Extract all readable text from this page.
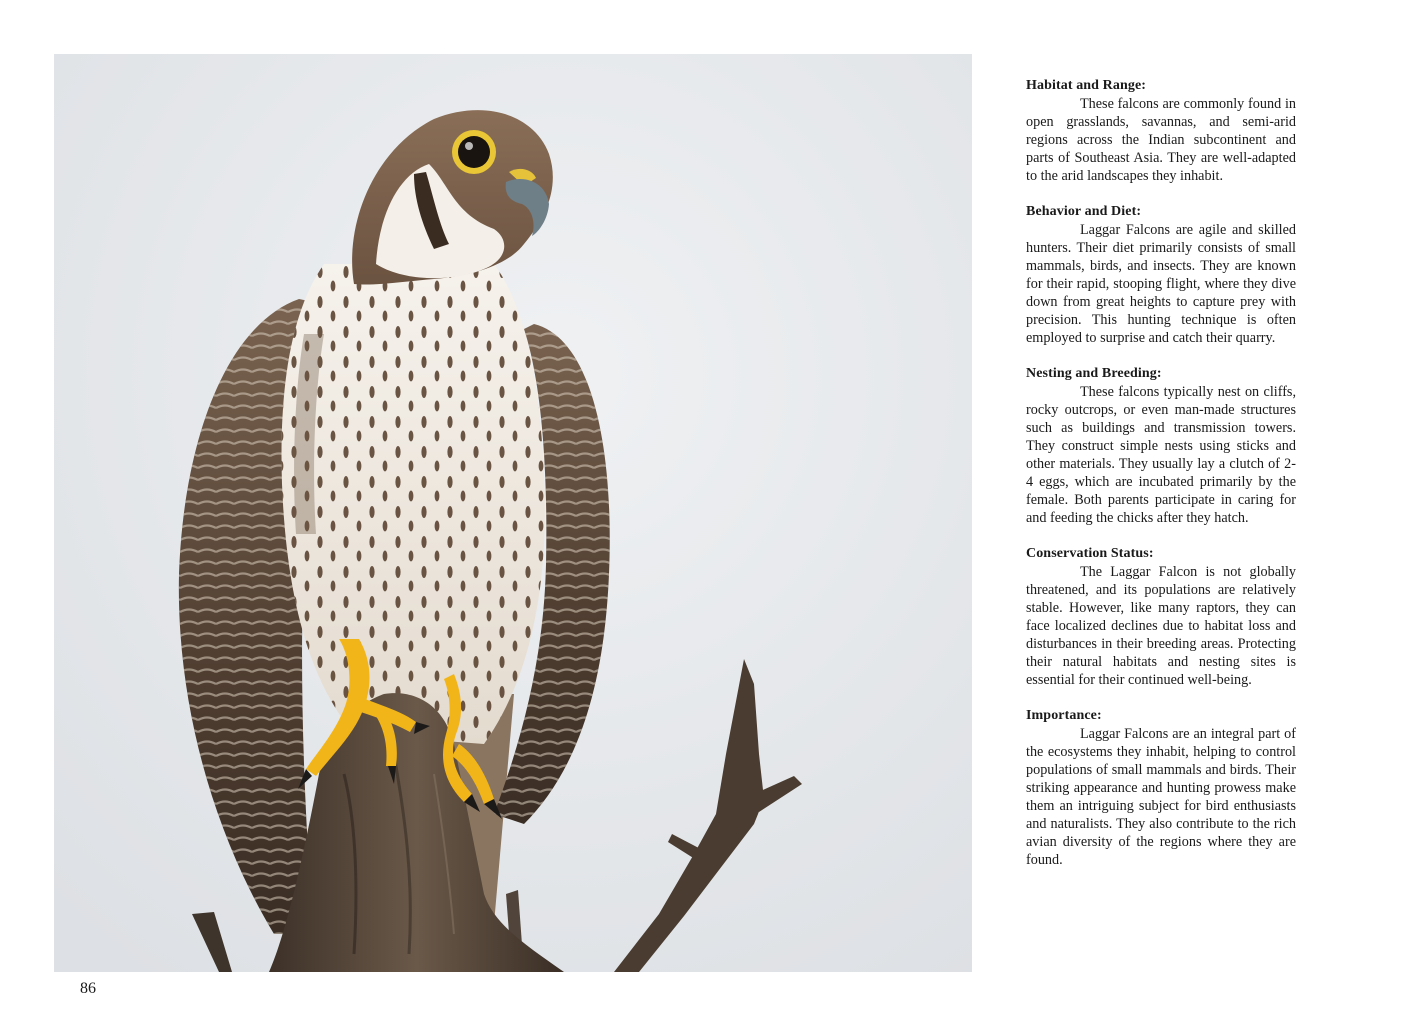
86

Habitat and Range:

These falcons are commonly found in open grasslands, savannas, and semi-arid regions across the Indian subcontinent and parts of Southeast Asia. They are well-adapted to the arid landscapes they inhabit.

Behavior and Diet:

Laggar Falcons are agile and skilled hunters. Their diet primarily consists of small mammals, birds, and insects. They are known for their rapid, stooping flight, where they dive down from great heights to capture prey with precision. This hunting technique is often employed to surprise and catch their quarry.

Nesting and Breeding:

These falcons typically nest on cliffs, rocky outcrops, or even man-made structures such as buildings and transmission towers. They construct simple nests using sticks and other materials. They usually lay a clutch of 2-4 eggs, which are incubated primarily by the female. Both parents participate in caring for and feeding the chicks after they hatch.

Conservation Status:

The Laggar Falcon is not globally threatened, and its populations are relatively stable. However, like many raptors, they can face localized declines due to habitat loss and disturbances in their breeding areas. Protecting their natural habitats and nesting sites is essential for their continued well-being.

Importance:

Laggar Falcons are an integral part of the ecosystems they inhabit, helping to control populations of small mammals and birds. Their striking appearance and hunting prowess make them an intriguing subject for bird enthusiasts and naturalists. They also contribute to the rich avian diversity of the regions where they are found.
